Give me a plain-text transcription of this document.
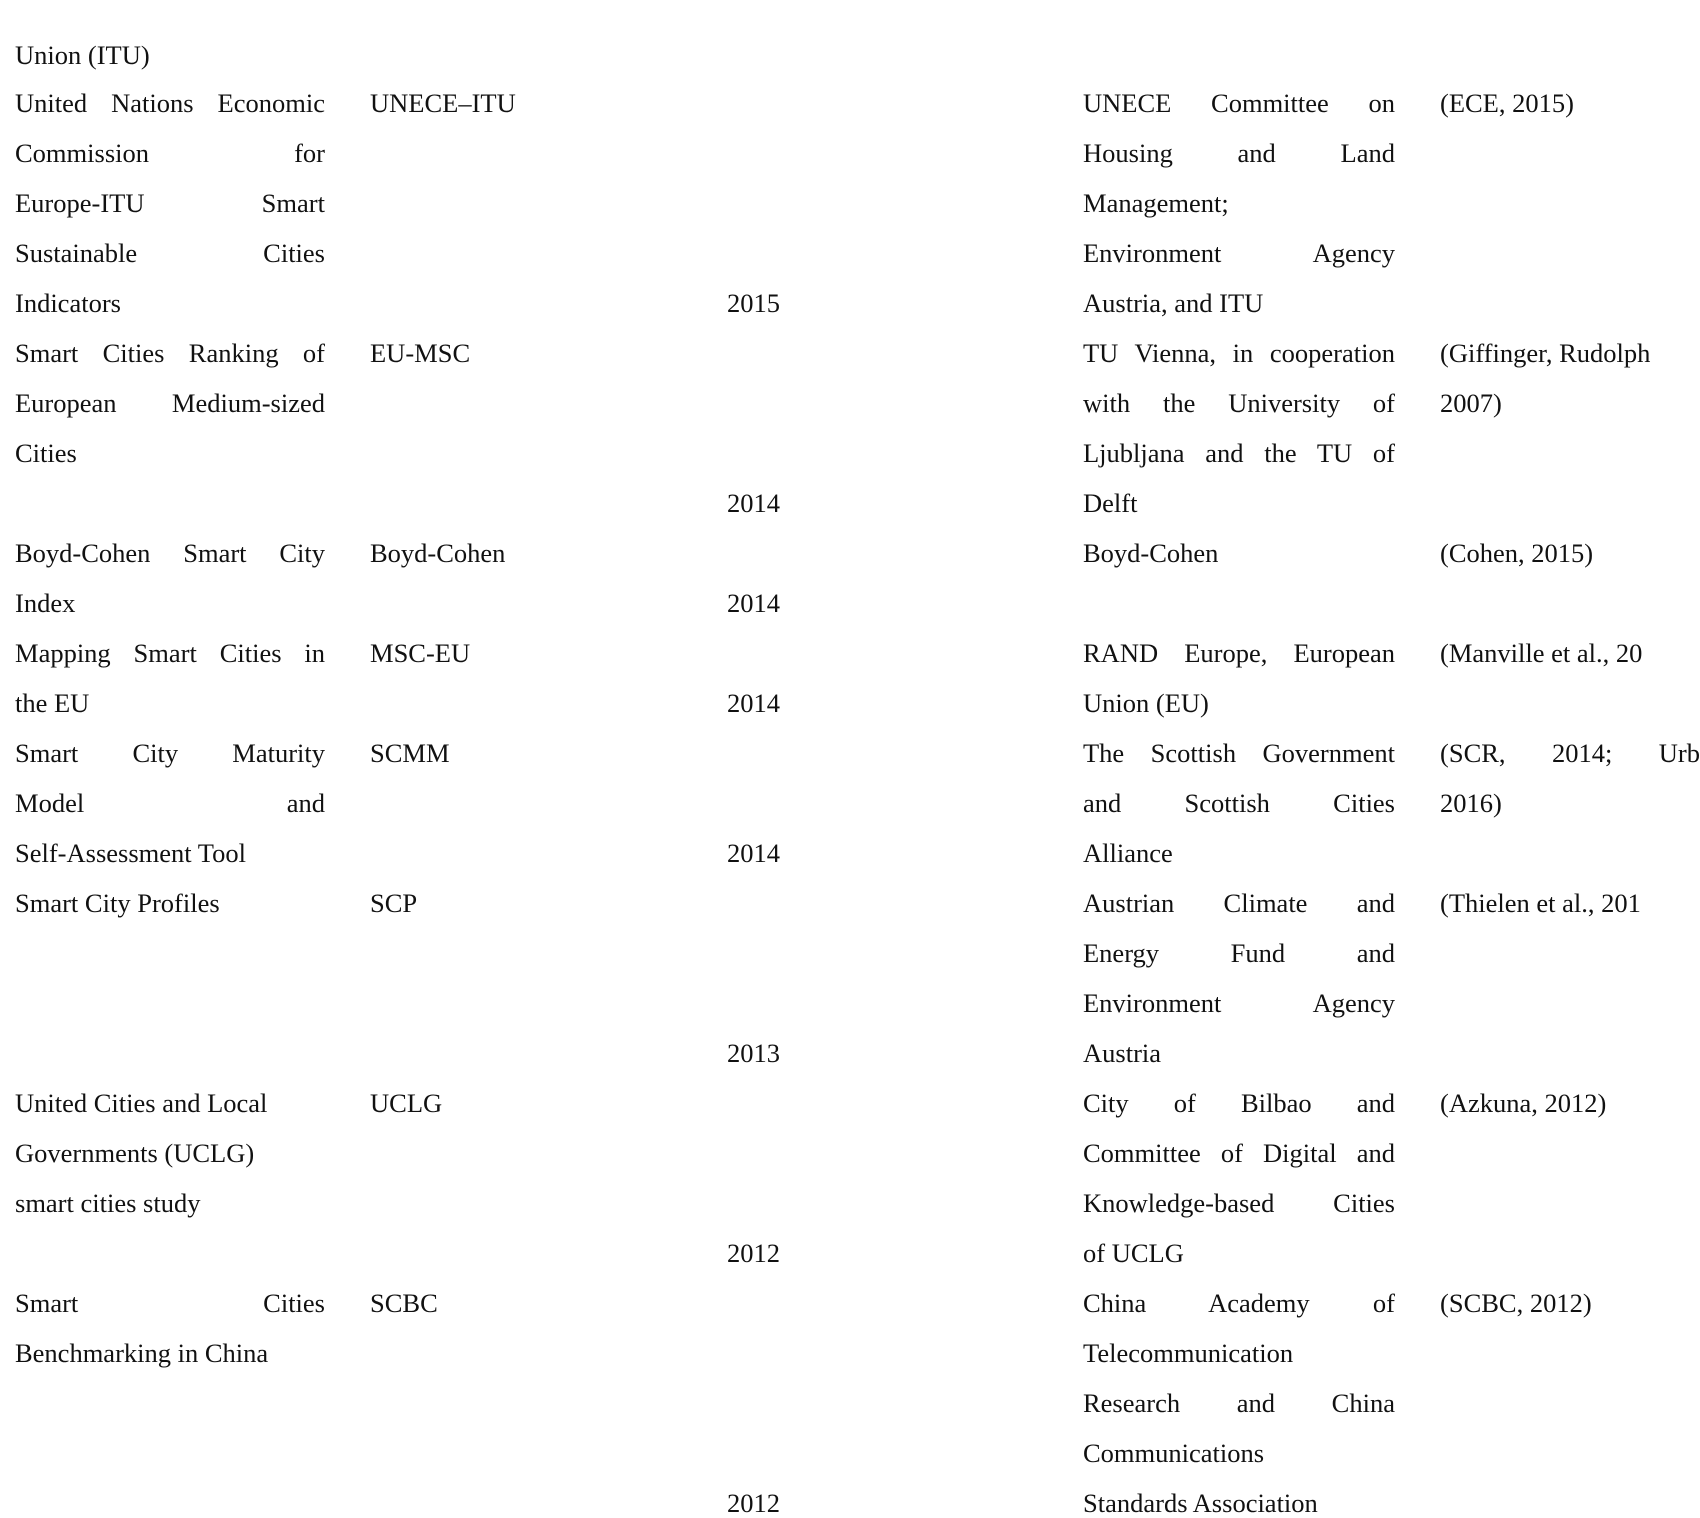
Union (ITU)
United Nations Economic
Commission for
Europe-ITU Smart
Sustainable Cities
Indicators
UNECE–ITU
2015
UNECE Committee on
Housing and Land
Management;
Environment Agency
Austria, and ITU
(ECE, 2015)
Smart Cities Ranking of
European Medium-sized
Cities
EU-MSC
2014
TU Vienna, in cooperation
with the University of
Ljubljana and the TU of
Delft
(Giffinger, Rudolph
2007)
Boyd-Cohen Smart City
Index
Boyd-Cohen
2014
Boyd-Cohen	(Cohen, 2015)
Mapping Smart Cities in
the EU
MSC-EU
2014
RAND Europe, European
Union (EU)
(Manville et al., 20
Smart City Maturity
Model and
Self-Assessment Tool
SCMM
2014
The Scottish Government
and Scottish Cities
Alliance
(SCR, 2014; Urb
2016)
Smart City Profiles	SCP
2013
Austrian Climate and
Energy Fund and
Environment Agency
Austria
(Thielen et al., 201
United Cities and Local
Governments (UCLG)
smart cities study
UCLG
2012
City of Bilbao and
Committee of Digital and
Knowledge‐based Cities
of UCLG
(Azkuna, 2012)
Smart Cities
Benchmarking in China
SCBC
2012
China Academy of
Telecommunication
Research and China
Communications
Standards Association
(SCBC, 2012)
